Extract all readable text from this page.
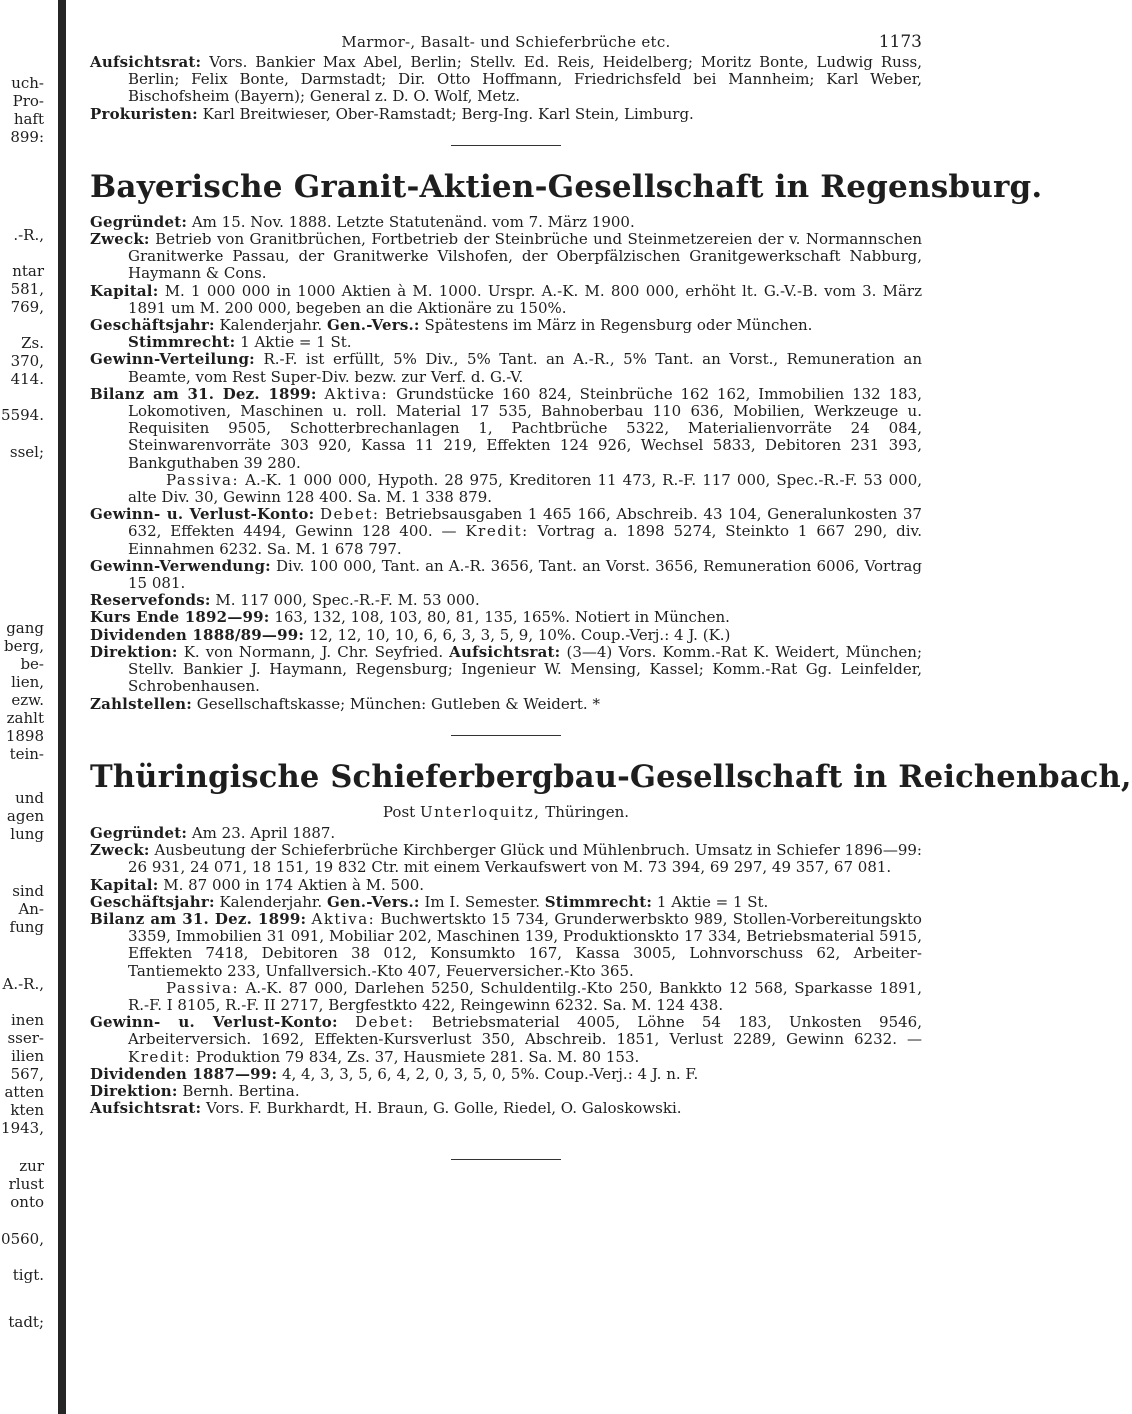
uch-
Pro-
haft
899:
.-R.,
ntar
581,
769,
Zs.
370,
414.
5594.
ssel;
gang
berg,
be-
lien,
ezw.
zahlt
1898
tein-
und
agen
lung
sind
An-
fung
A.-R.,
inen
sser-
ilien
567,
atten
kten
1943,
zur
rlust
onto
0560,
tigt.
tadt;
Marmor-, Basalt- und Schieferbrüche etc.	1173

Aufsichtsrat: Vors. Bankier Max Abel, Berlin; Stellv. Ed. Reis, Heidelberg; Moritz Bonte, Ludwig Russ, Berlin; Felix Bonte, Darmstadt; Dir. Otto Hoffmann, Friedrichsfeld bei Mannheim; Karl Weber, Bischofsheim (Bayern); General z. D. O. Wolf, Metz.

Prokuristen: Karl Breitwieser, Ober-Ramstadt; Berg-Ing. Karl Stein, Limburg.

Bayerische Granit-Aktien-Gesellschaft in Regensburg.

Gegründet: Am 15. Nov. 1888. Letzte Statutenänd. vom 7. März 1900.

Zweck: Betrieb von Granitbrüchen, Fortbetrieb der Steinbrüche und Steinmetzereien der v. Normannschen Granitwerke Passau, der Granitwerke Vilshofen, der Oberpfälzischen Granitgewerkschaft Nabburg, Haymann & Cons.

Kapital: M. 1 000 000 in 1000 Aktien à M. 1000. Urspr. A.-K. M. 800 000, erhöht lt. G.-V.-B. vom 3. März 1891 um M. 200 000, begeben an die Aktionäre zu 150%.

Geschäftsjahr: Kalenderjahr. Gen.-Vers.: Spätestens im März in Regensburg oder München.

Stimmrecht: 1 Aktie = 1 St.

Gewinn-Verteilung: R.-F. ist erfüllt, 5% Div., 5% Tant. an A.-R., 5% Tant. an Vorst., Remuneration an Beamte, vom Rest Super-Div. bezw. zur Verf. d. G.-V.

Bilanz am 31. Dez. 1899: Aktiva: Grundstücke 160 824, Steinbrüche 162 162, Immobilien 132 183, Lokomotiven, Maschinen u. roll. Material 17 535, Bahnoberbau 110 636, Mobilien, Werkzeuge u. Requisiten 9505, Schotterbrechanlagen 1, Pachtbrüche 5322, Materialienvorräte 24 084, Steinwarenvorräte 303 920, Kassa 11 219, Effekten 124 926, Wechsel 5833, Debitoren 231 393, Bankguthaben 39 280.

Passiva: A.-K. 1 000 000, Hypoth. 28 975, Kreditoren 11 473, R.-F. 117 000, Spec.-R.-F. 53 000, alte Div. 30, Gewinn 128 400. Sa. M. 1 338 879.

Gewinn- u. Verlust-Konto: Debet: Betriebsausgaben 1 465 166, Abschreib. 43 104, Generalunkosten 37 632, Effekten 4494, Gewinn 128 400. — Kredit: Vortrag a. 1898 5274, Steinkto 1 667 290, div. Einnahmen 6232. Sa. M. 1 678 797.

Gewinn-Verwendung: Div. 100 000, Tant. an A.-R. 3656, Tant. an Vorst. 3656, Remuneration 6006, Vortrag 15 081.

Reservefonds: M. 117 000, Spec.-R.-F. M. 53 000.

Kurs Ende 1892—99: 163, 132, 108, 103, 80, 81, 135, 165%. Notiert in München.

Dividenden 1888/89—99: 12, 12, 10, 10, 6, 6, 3, 3, 5, 9, 10%. Coup.-Verj.: 4 J. (K.)

Direktion: K. von Normann, J. Chr. Seyfried. Aufsichtsrat: (3—4) Vors. Komm.-Rat K. Weidert, München; Stellv. Bankier J. Haymann, Regensburg; Ingenieur W. Mensing, Kassel; Komm.-Rat Gg. Leinfelder, Schrobenhausen.

Zahlstellen: Gesellschaftskasse; München: Gutleben & Weidert. *

Thüringische Schieferbergbau-Gesellschaft in Reichenbach,
Post Unterloquitz, Thüringen.

Gegründet: Am 23. April 1887.

Zweck: Ausbeutung der Schieferbrüche Kirchberger Glück und Mühlenbruch. Umsatz in Schiefer 1896—99: 26 931, 24 071, 18 151, 19 832 Ctr. mit einem Verkaufswert von M. 73 394, 69 297, 49 357, 67 081.

Kapital: M. 87 000 in 174 Aktien à M. 500.

Geschäftsjahr: Kalenderjahr. Gen.-Vers.: Im I. Semester. Stimmrecht: 1 Aktie = 1 St.

Bilanz am 31. Dez. 1899: Aktiva: Buchwertskto 15 734, Grunderwerbskto 989, Stollen-Vorbereitungskto 3359, Immobilien 31 091, Mobiliar 202, Maschinen 139, Produktionskto 17 334, Betriebsmaterial 5915, Effekten 7418, Debitoren 38 012, Konsumkto 167, Kassa 3005, Lohnvorschuss 62, Arbeiter-Tantiemekto 233, Unfallversich.-Kto 407, Feuerversicher.-Kto 365.

Passiva: A.-K. 87 000, Darlehen 5250, Schuldentilg.-Kto 250, Bankkto 12 568, Sparkasse 1891, R.-F. I 8105, R.-F. II 2717, Bergfestkto 422, Reingewinn 6232. Sa. M. 124 438.

Gewinn- u. Verlust-Konto: Debet: Betriebsmaterial 4005, Löhne 54 183, Unkosten 9546, Arbeiterversich. 1692, Effekten-Kursverlust 350, Abschreib. 1851, Verlust 2289, Gewinn 6232. — Kredit: Produktion 79 834, Zs. 37, Hausmiete 281. Sa. M. 80 153.

Dividenden 1887—99: 4, 4, 3, 3, 5, 6, 4, 2, 0, 3, 5, 0, 5%. Coup.-Verj.: 4 J. n. F.

Direktion: Bernh. Bertina.

Aufsichtsrat: Vors. F. Burkhardt, H. Braun, G. Golle, Riedel, O. Galoskowski.
